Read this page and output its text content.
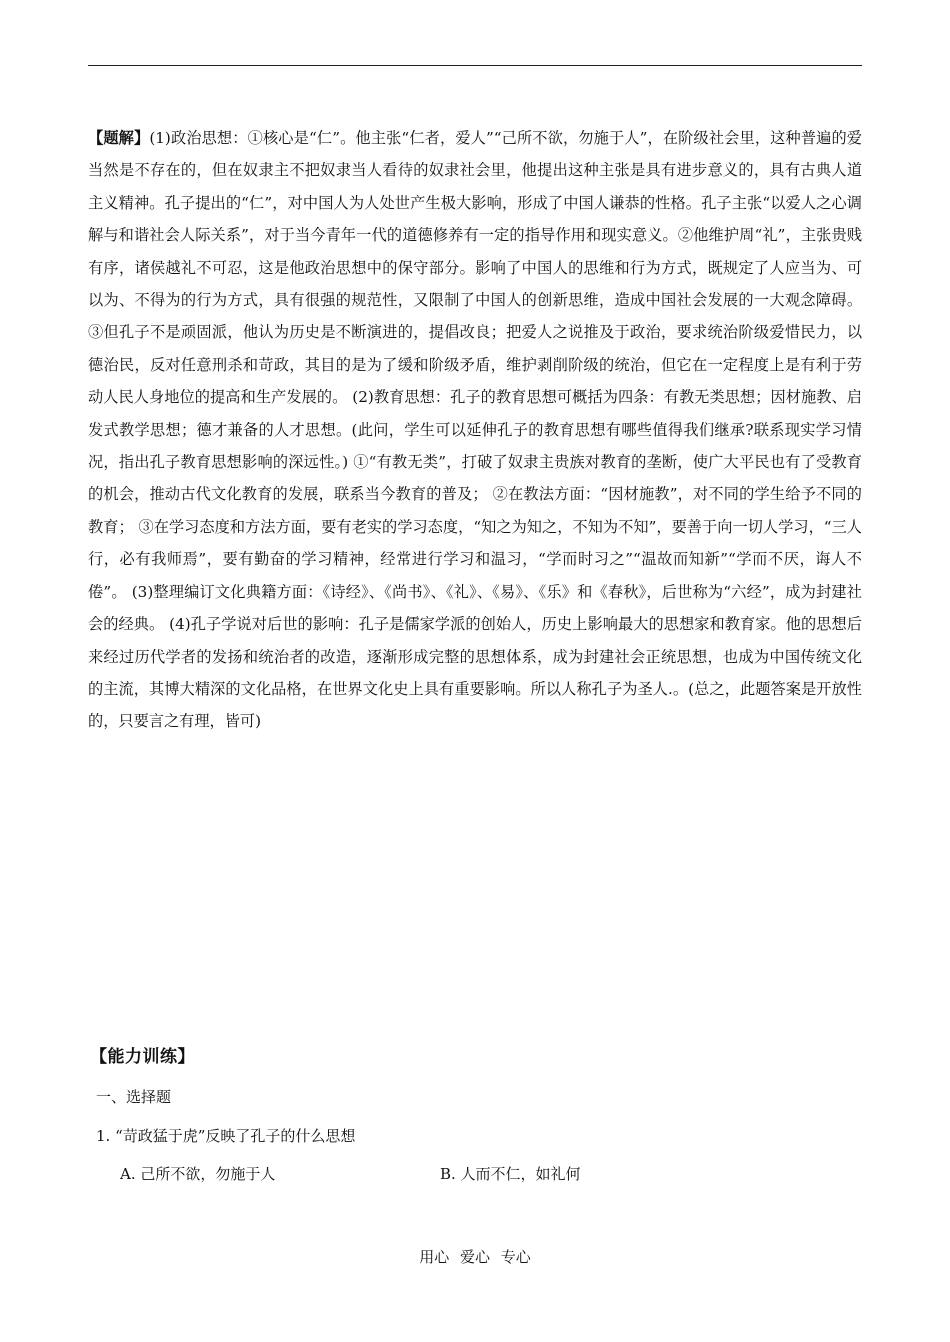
【题解】(1)政治思想：①核心是“仁”。他主张“仁者，爱人”“己所不欲，勿施于人”，在阶级社会里，这种普遍的爱当然是不存在的，但在奴隶主不把奴隶当人看待的奴隶社会里，他提出这种主张是具有进步意义的，具有古典人道主义精神。孔子提出的“仁”，对中国人为人处世产生极大影响，形成了中国人谦恭的性格。孔子主张“以爱人之心调解与和谐社会人际关系”，对于当今青年一代的道德修养有一定的指导作用和现实意义。②他维护周“礼”，主张贵贱有序，诸侯越礼不可忍，这是他政治思想中的保守部分。影响了中国人的思维和行为方式，既规定了人应当为、可以为、不得为的行为方式，具有很强的规范性，又限制了中国人的创新思维，造成中国社会发展的一大观念障碍。 ③但孔子不是顽固派，他认为历史是不断演进的，提倡改良；把爱人之说推及于政治，要求统治阶级爱惜民力，以德治民，反对任意刑杀和苛政，其目的是为了缓和阶级矛盾，维护剥削阶级的统治，但它在一定程度上是有利于劳动人民人身地位的提高和生产发展的。 (2)教育思想：孔子的教育思想可概括为四条：有教无类思想；因材施教、启发式教学思想；德才兼备的人才思想。(此问，学生可以延伸孔子的教育思想有哪些值得我们继承?联系现实学习情况，指出孔子教育思想影响的深远性。) ①“有教无类”，打破了奴隶主贵族对教育的垄断，使广大平民也有了受教育的机会，推动古代文化教育的发展，联系当今教育的普及； ②在教法方面：“因材施教”，对不同的学生给予不同的教育； ③在学习态度和方法方面，要有老实的学习态度，“知之为知之，不知为不知”，要善于向一切人学习，“三人行，必有我师焉”，要有勤奋的学习精神，经常进行学习和温习，“学而时习之”“温故而知新”“学而不厌，诲人不倦”。 (3)整理编订文化典籍方面：《诗经》、《尚书》、《礼》、《易》、《乐》和《春秋》，后世称为“六经”，成为封建社会的经典。 (4)孔子学说对后世的影响：孔子是儒家学派的创始人，历史上影响最大的思想家和教育家。他的思想后来经过历代学者的发扬和统治者的改造，逐渐形成完整的思想体系，成为封建社会正统思想，也成为中国传统文化的主流，其博大精深的文化品格，在世界文化史上具有重要影响。所以人称孔子为圣人.。(总之，此题答案是开放性的，只要言之有理，皆可)
【能力训练】
一、选择题
1. “苛政猛于虎”反映了孔子的什么思想
A. 己所不欲，勿施于人	B. 人而不仁，如礼何
用心 爱心 专心
